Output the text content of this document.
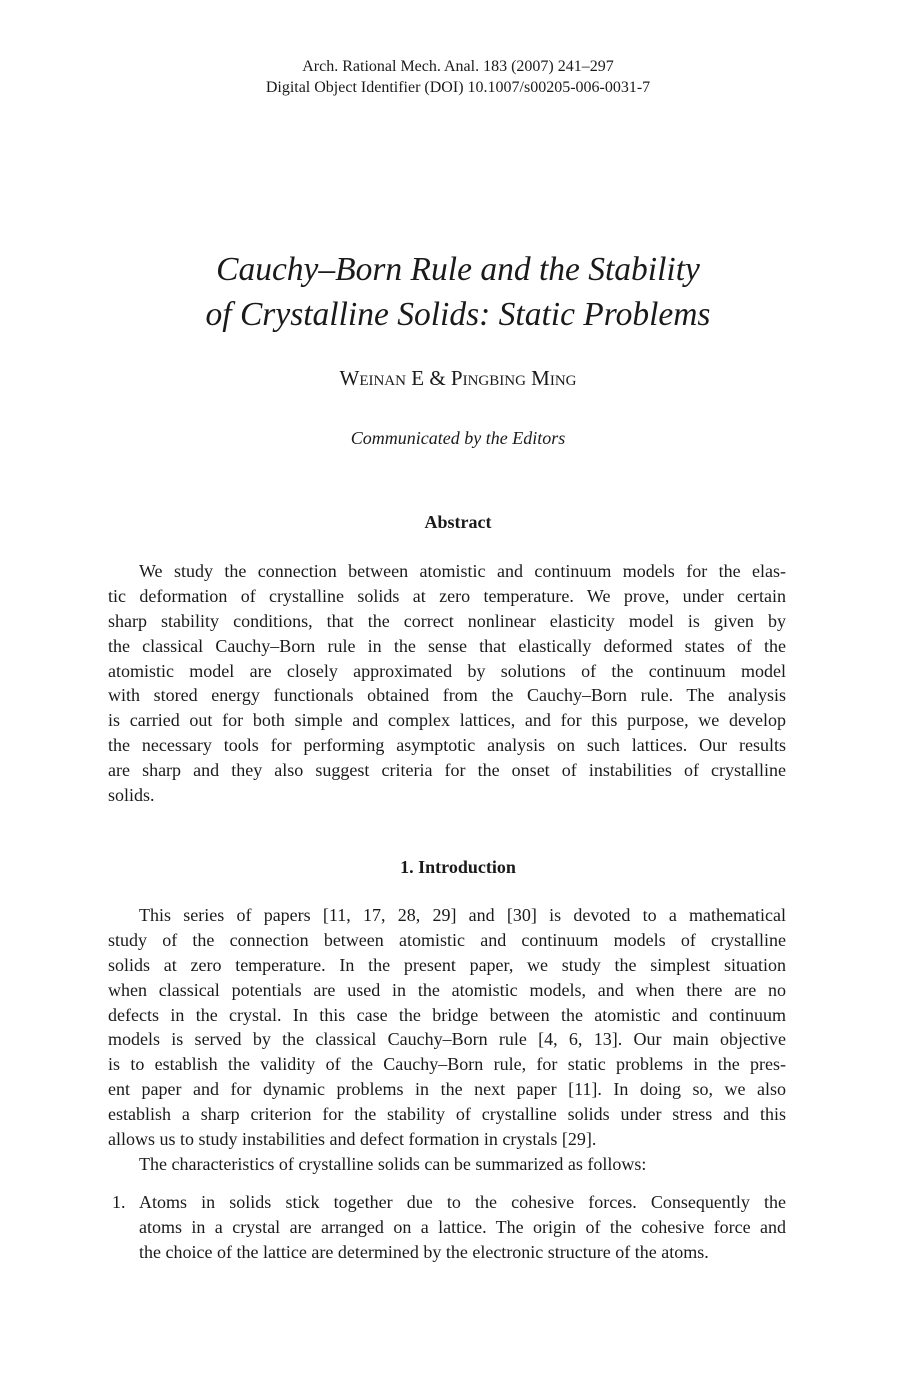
Arch. Rational Mech. Anal. 183 (2007) 241–297
Digital Object Identifier (DOI) 10.1007/s00205-006-0031-7
Cauchy–Born Rule and the Stability
of Crystalline Solids: Static Problems
Weinan E & Pingbing Ming
Communicated by the Editors
Abstract
We study the connection between atomistic and continuum models for the elas-
tic deformation of crystalline solids at zero temperature. We prove, under certain
sharp stability conditions, that the correct nonlinear elasticity model is given by
the classical Cauchy–Born rule in the sense that elastically deformed states of the
atomistic model are closely approximated by solutions of the continuum model
with stored energy functionals obtained from the Cauchy–Born rule. The analysis
is carried out for both simple and complex lattices, and for this purpose, we develop
the necessary tools for performing asymptotic analysis on such lattices. Our results
are sharp and they also suggest criteria for the onset of instabilities of crystalline
solids.
1. Introduction
This series of papers [11, 17, 28, 29] and [30] is devoted to a mathematical
study of the connection between atomistic and continuum models of crystalline
solids at zero temperature. In the present paper, we study the simplest situation
when classical potentials are used in the atomistic models, and when there are no
defects in the crystal. In this case the bridge between the atomistic and continuum
models is served by the classical Cauchy–Born rule [4, 6, 13]. Our main objective
is to establish the validity of the Cauchy–Born rule, for static problems in the pres-
ent paper and for dynamic problems in the next paper [11]. In doing so, we also
establish a sharp criterion for the stability of crystalline solids under stress and this
allows us to study instabilities and defect formation in crystals [29].
The characteristics of crystalline solids can be summarized as follows:
1. Atoms in solids stick together due to the cohesive forces. Consequently the
atoms in a crystal are arranged on a lattice. The origin of the cohesive force and
the choice of the lattice are determined by the electronic structure of the atoms.
